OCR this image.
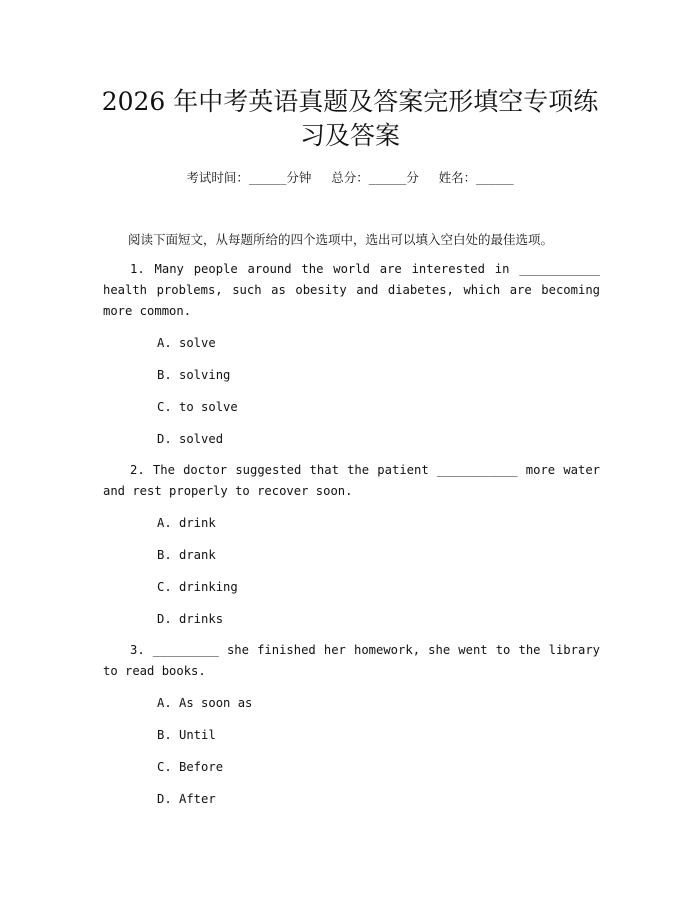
2026 年中考英语真题及答案完形填空专项练
习及答案
考试时间：______分钟     总分：______分     姓名：______
阅读下面短文，从每题所给的四个选项中，选出可以填入空白处的最佳选项。

1. Many people around the world are interested in ___________ health problems, such as obesity and diabetes, which are becoming more common.

A. solve
B. solving
C. to solve
D. solved

2. The doctor suggested that the patient ___________ more water and rest properly to recover soon.

A. drink
B. drank
C. drinking
D. drinks

3. _________ she finished her homework, she went to the library to read books.

A. As soon as
B. Until
C. Before
D. After
